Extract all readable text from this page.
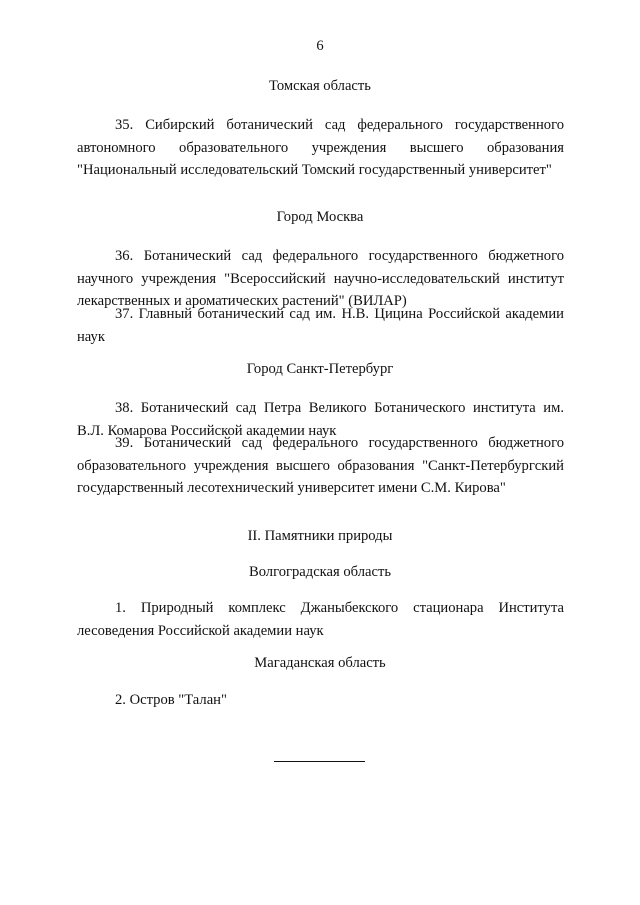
6
Томская область
35. Сибирский ботанический сад федерального государственного автономного образовательного учреждения высшего образования "Национальный исследовательский Томский государственный университет"
Город Москва
36. Ботанический сад федерального государственного бюджетного научного учреждения "Всероссийский научно-исследовательский институт лекарственных и ароматических растений" (ВИЛАР)
37. Главный ботанический сад им. Н.В. Цицина Российской академии наук
Город Санкт-Петербург
38. Ботанический сад Петра Великого Ботанического института им. В.Л. Комарова Российской академии наук
39. Ботанический сад федерального государственного бюджетного образовательного учреждения высшего образования "Санкт-Петербургский государственный лесотехнический университет имени С.М. Кирова"
II. Памятники природы
Волгоградская область
1. Природный комплекс Джаныбекского стационара Института лесоведения Российской академии наук
Магаданская область
2. Остров "Талан"
